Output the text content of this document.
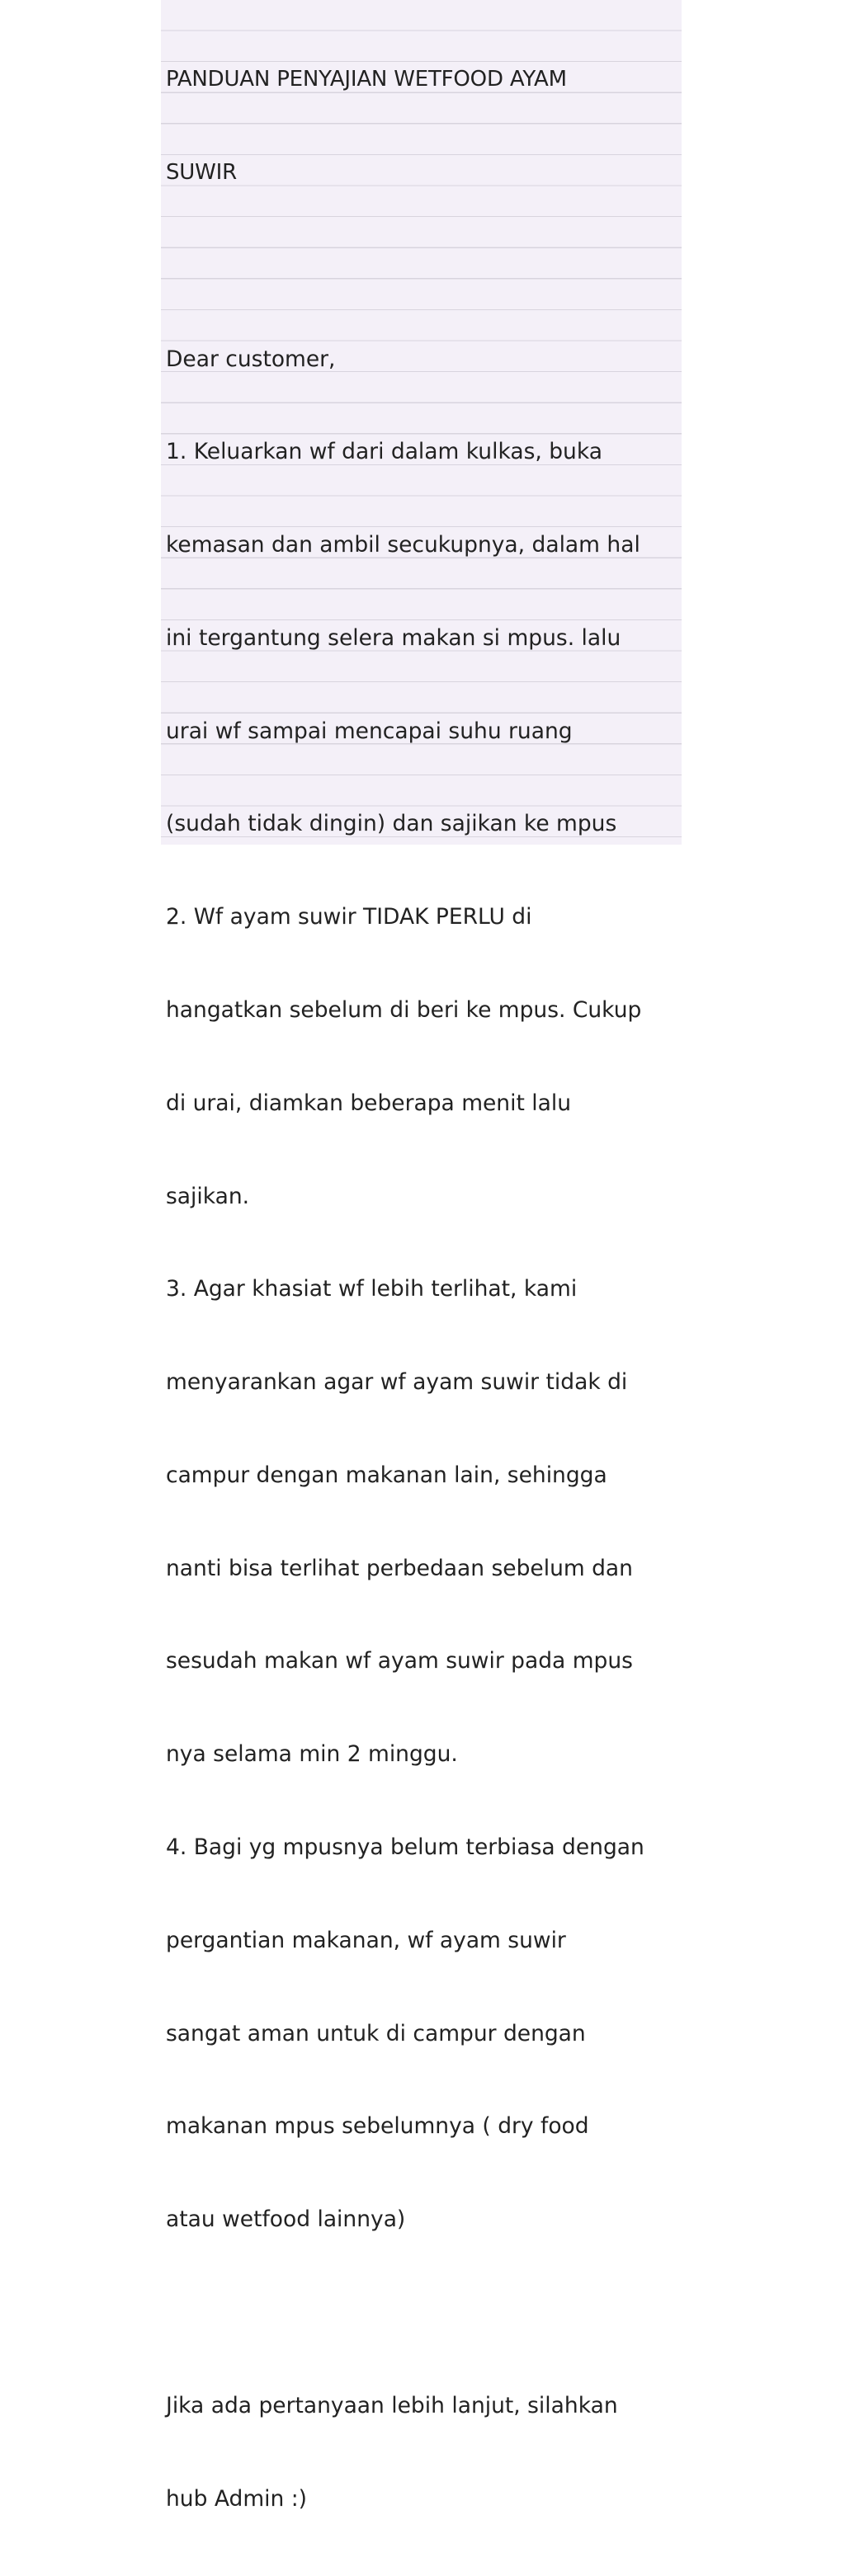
PANDUAN PENYAJIAN WETFOOD AYAM

SUWIR

Dear customer,

1. Keluarkan wf dari dalam kulkas, buka

kemasan dan ambil secukupnya, dalam hal

ini tergantung selera makan si mpus. lalu

urai wf sampai mencapai suhu ruang

(sudah tidak dingin) dan sajikan ke mpus

2. Wf ayam suwir TIDAK PERLU di

hangatkan sebelum di beri ke mpus. Cukup

di urai, diamkan beberapa menit lalu

sajikan.

3. Agar khasiat wf lebih terlihat, kami

menyarankan agar wf ayam suwir tidak di

campur dengan makanan lain, sehingga

nanti bisa terlihat perbedaan sebelum dan

sesudah makan wf ayam suwir pada mpus

nya selama min 2 minggu.

4. Bagi yg mpusnya belum terbiasa dengan

pergantian makanan, wf ayam suwir

sangat aman untuk di campur dengan

makanan mpus sebelumnya ( dry food

atau wetfood lainnya)

Jika ada pertanyaan lebih lanjut, silahkan

hub Admin :)
